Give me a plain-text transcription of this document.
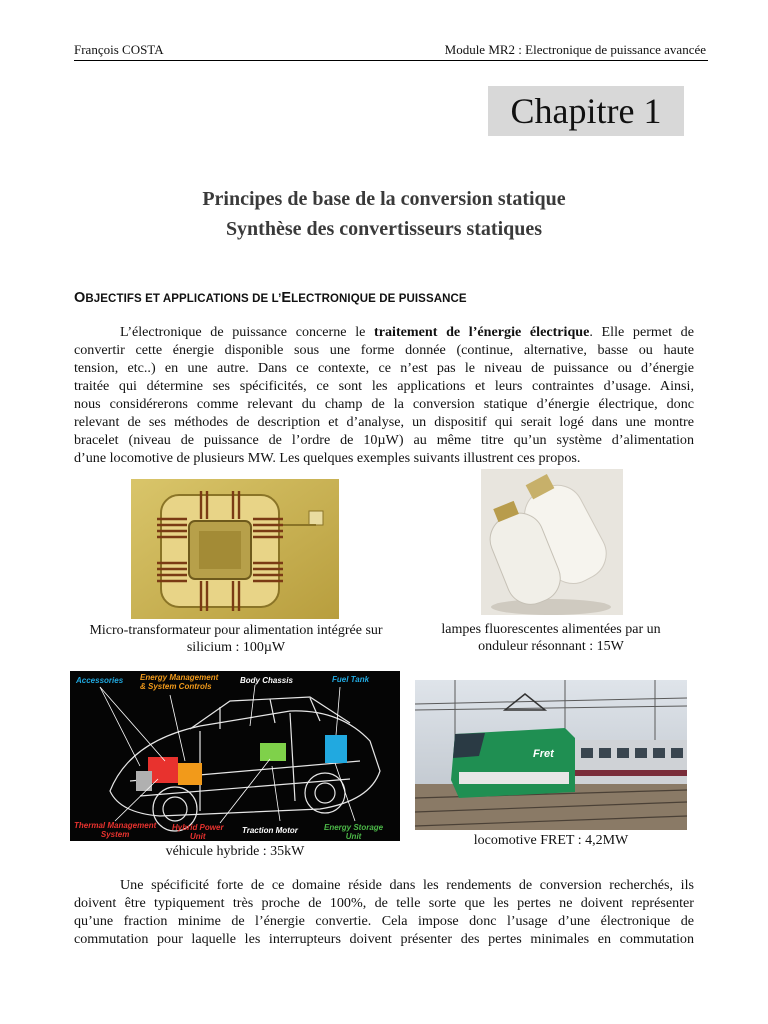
François COSTA	Module MR2 : Electronique de puissance avancée
Chapitre 1
Principes de base de la conversion statique
Synthèse des convertisseurs statiques
OBJECTIFS ET APPLICATIONS DE L’ELECTRONIQUE DE PUISSANCE
L’électronique de puissance concerne le traitement de l’énergie électrique. Elle permet de
convertir cette énergie disponible sous une forme donnée (continue, alternative, basse ou haute
tension, etc..) en une autre. Dans ce contexte, ce n’est pas le niveau de puissance ou d’énergie
traitée qui détermine ses spécificités, ce sont les applications et leurs contraintes d’usage. Ainsi,
nous considérerons comme relevant du champ de la conversion statique d’énergie électrique, donc
relevant de ses méthodes de description et d’analyse, un dispositif qui serait logé dans une montre
bracelet (niveau de puissance de l’ordre de 10µW) au même titre qu’un système d’alimentation
d’une locomotive de plusieurs MW. Les quelques exemples suivants illustrent ces propos.
Micro-transformateur pour alimentation intégrée sur
silicium : 100µW
lampes fluorescentes alimentées par un
onduleur résonnant : 15W
Accessories Energy Management
& System Controls
Body Chassis	Fuel Tank
Thermal Management
System
Hybrid Power
Unit
Traction Motor	Energy Storage
Unit
véhicule hybride : 35kW
Fret
locomotive FRET : 4,2MW
Une spécificité forte de ce domaine réside dans les rendements de conversion recherchés, ils
doivent être typiquement très proche de 100%, de telle sorte que les pertes ne doivent représenter
qu’une fraction minime de l’énergie convertie. Cela impose donc l’usage d’une électronique de
commutation pour laquelle les interrupteurs doivent présenter des pertes minimales en commutation
